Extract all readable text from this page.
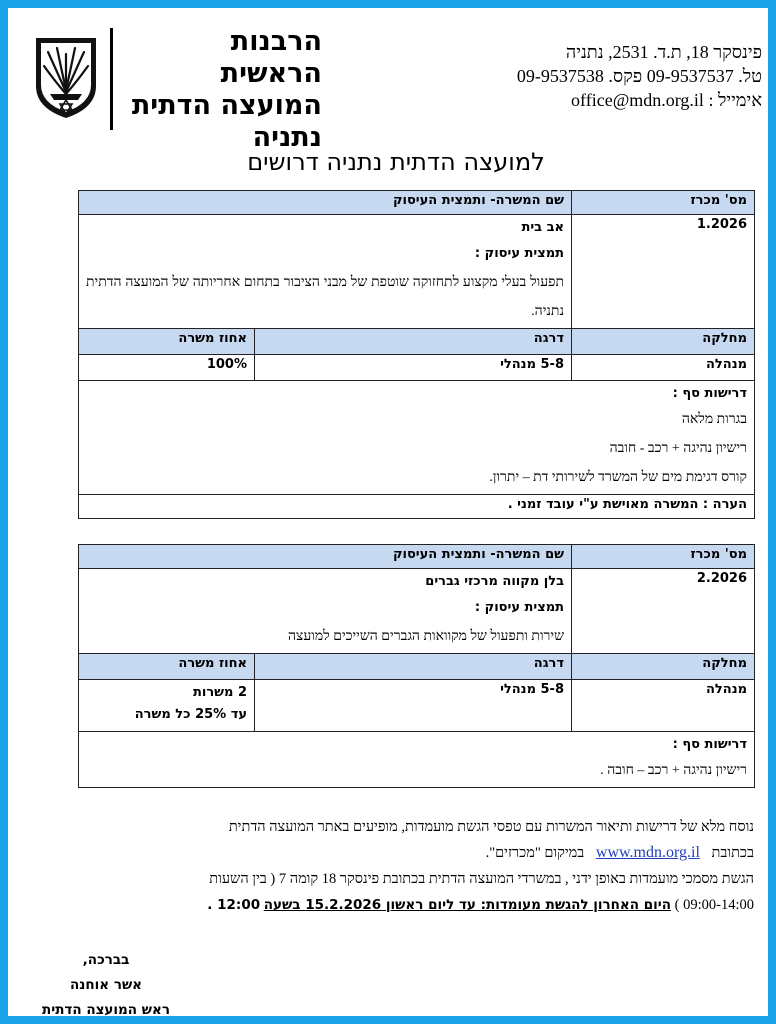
הרבנות הראשית
המועצה הדתית
נתניה
פינסקר 18, ת.ד. 2531, נתניה
טל. 09-9537537 פקס. 09-9537538
אימייל : office@mdn.org.il
למועצה הדתית נתניה דרושים
מס' מכרז	שם המשרה- ותמצית העיסוק	
1.2026	אב בית
תמצית עיסוק :
תפעול בעלי מקצוע לתחזוקה שוטפת של מבני הציבור בתחום אחריותה של המועצה הדתית נתניה.	

מחלקה	דרגה	אחוז משרה
מנהלה	5-8 מנהלי	100%

דרישות סף :
בגרות מלאה
רישיון נהיגה + רכב - חובה
קורס דגימת מים של המשרד לשירותי דת – יתרון.		

הערה : המשרה מאוישת ע"י עובד זמני .		
מס' מכרז	שם המשרה- ותמצית העיסוק	
2.2026	בלן מקווה מרכזי גברים
תמצית עיסוק :
שירות ותפעול של מקוואות הגברים השייכים למועצה	

מחלקה	דרגה	אחוז משרה
מנהלה	5-8 מנהלי	2 משרות
עד 25% כל משרה

דרישות סף :
רישיון נהיגה + רכב – חובה .		
נוסח מלא של דרישות ותיאור המשרות עם טפסי הגשת מועמדות, מופיעים באתר המועצה הדתית
בכתובת www.mdn.org.il במיקום "מכרזים".
הגשת מסמכי מועמדות באופן ידני , במשרדי המועצה הדתית בכתובת פינסקר 18 קומה 7 ( בין השעות
09:00-14:00 ) היום האחרון להגשת מעומדות: עד ליום ראשון 15.2.2026 בשעה 12:00 .
בברכה,
אשר אוחנה
ראש המועצה הדתית
